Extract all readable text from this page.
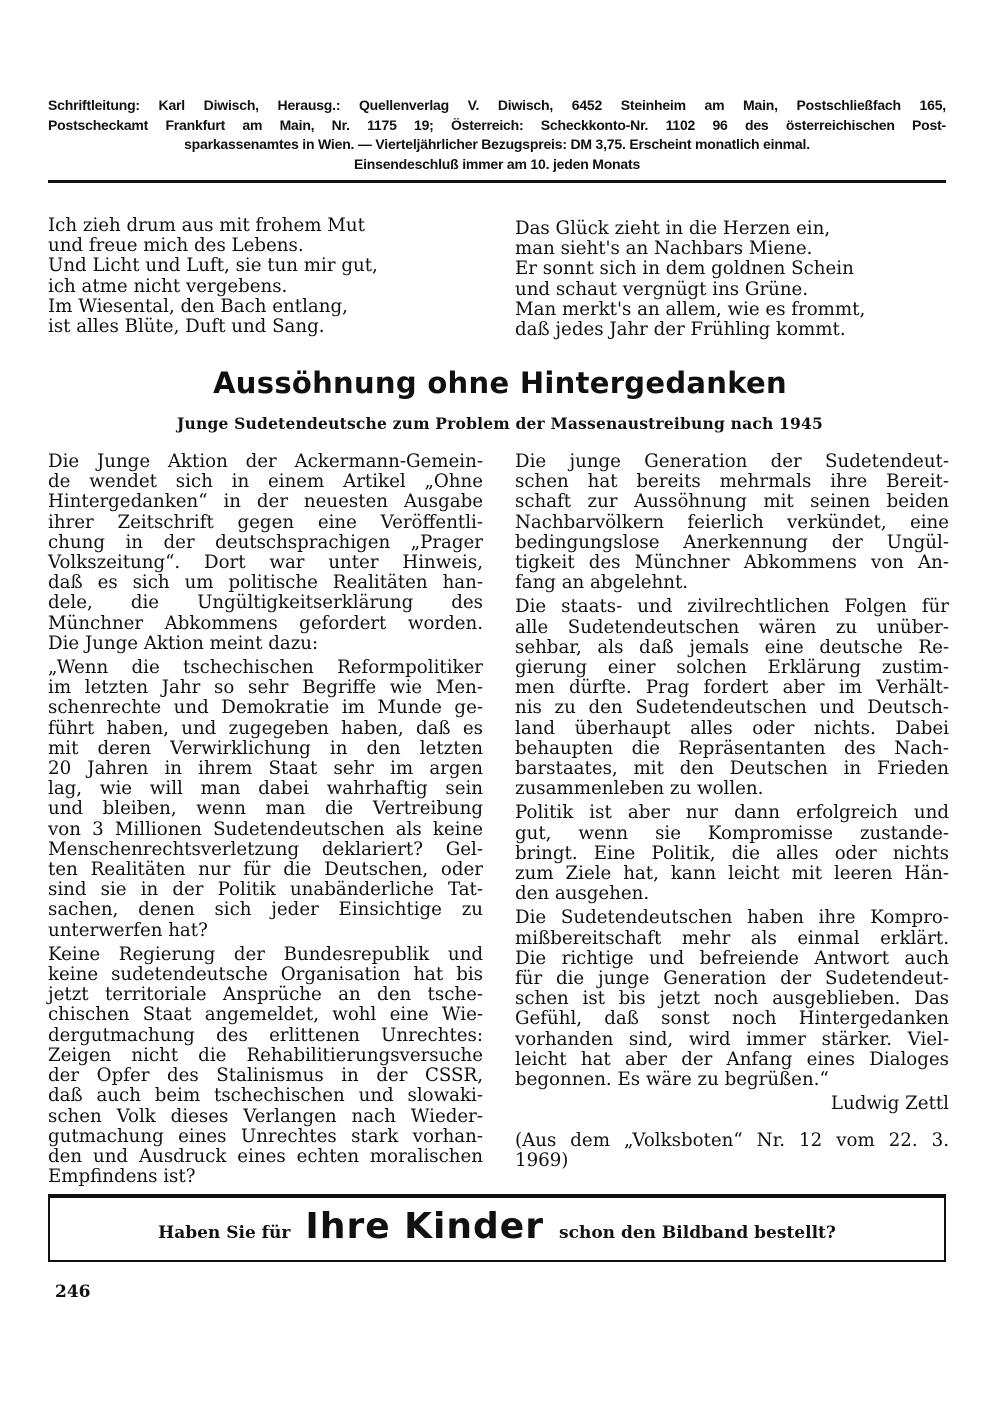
Schriftleitung: Karl Diwisch, Herausg.: Quellenverlag V. Diwisch, 6452 Steinheim am Main, Postschließfach 165,
Postscheckamt Frankfurt am Main, Nr. 1175 19; Österreich: Scheckkonto-Nr. 1102 96 des österreichischen Post-
sparkassenamtes in Wien. — Vierteljährlicher Bezugspreis: DM 3,75. Erscheint monatlich einmal.
Einsendeschluß immer am 10. jeden Monats
Ich zieh drum aus mit frohem Mut
und freue mich des Lebens.
Und Licht und Luft, sie tun mir gut,
ich atme nicht vergebens.
Im Wiesental, den Bach entlang,
ist alles Blüte, Duft und Sang.
Das Glück zieht in die Herzen ein,
man sieht's an Nachbars Miene.
Er sonnt sich in dem goldnen Schein
und schaut vergnügt ins Grüne.
Man merkt's an allem, wie es frommt,
daß jedes Jahr der Frühling kommt.
Aussöhnung ohne Hintergedanken
Junge Sudetendeutsche zum Problem der Massenaustreibung nach 1945
Die Junge Aktion der Ackermann-Gemein-
de wendet sich in einem Artikel „Ohne
Hintergedanken“ in der neuesten Ausgabe
ihrer Zeitschrift gegen eine Veröffentli-
chung in der deutschsprachigen „Prager
Volkszeitung“. Dort war unter Hinweis,
daß es sich um politische Realitäten han-
dele, die Ungültigkeitserklärung des
Münchner Abkommens gefordert worden.
Die Junge Aktion meint dazu:
„Wenn die tschechischen Reformpolitiker
im letzten Jahr so sehr Begriffe wie Men-
schenrechte und Demokratie im Munde ge-
führt haben, und zugegeben haben, daß es
mit deren Verwirklichung in den letzten
20 Jahren in ihrem Staat sehr im argen
lag, wie will man dabei wahrhaftig sein
und bleiben, wenn man die Vertreibung
von 3 Millionen Sudetendeutschen als keine
Menschenrechtsverletzung deklariert? Gel-
ten Realitäten nur für die Deutschen, oder
sind sie in der Politik unabänderliche Tat-
sachen, denen sich jeder Einsichtige zu
unterwerfen hat?
Keine Regierung der Bundesrepublik und
keine sudetendeutsche Organisation hat bis
jetzt territoriale Ansprüche an den tsche-
chischen Staat angemeldet, wohl eine Wie-
dergutmachung des erlittenen Unrechtes:
Zeigen nicht die Rehabilitierungsversuche
der Opfer des Stalinismus in der CSSR,
daß auch beim tschechischen und slowaki-
schen Volk dieses Verlangen nach Wieder-
gutmachung eines Unrechtes stark vorhan-
den und Ausdruck eines echten moralischen
Empfindens ist?
Die junge Generation der Sudetendeut-
schen hat bereits mehrmals ihre Bereit-
schaft zur Aussöhnung mit seinen beiden
Nachbarvölkern feierlich verkündet, eine
bedingungslose Anerkennung der Ungül-
tigkeit des Münchner Abkommens von An-
fang an abgelehnt.
Die staats- und zivilrechtlichen Folgen für
alle Sudetendeutschen wären zu unüber-
sehbar, als daß jemals eine deutsche Re-
gierung einer solchen Erklärung zustim-
men dürfte. Prag fordert aber im Verhält-
nis zu den Sudetendeutschen und Deutsch-
land überhaupt alles oder nichts. Dabei
behaupten die Repräsentanten des Nach-
barstaates, mit den Deutschen in Frieden
zusammenleben zu wollen.
Politik ist aber nur dann erfolgreich und
gut, wenn sie Kompromisse zustande-
bringt. Eine Politik, die alles oder nichts
zum Ziele hat, kann leicht mit leeren Hän-
den ausgehen.
Die Sudetendeutschen haben ihre Kompro-
mißbereitschaft mehr als einmal erklärt.
Die richtige und befreiende Antwort auch
für die junge Generation der Sudetendeut-
schen ist bis jetzt noch ausgeblieben. Das
Gefühl, daß sonst noch Hintergedanken
vorhanden sind, wird immer stärker. Viel-
leicht hat aber der Anfang eines Dialoges
begonnen. Es wäre zu begrüßen.“
Ludwig Zettl
(Aus dem „Volksboten“ Nr. 12 vom 22. 3.
1969)
Haben Sie für Ihre Kinder schon den Bildband bestellt?
246
